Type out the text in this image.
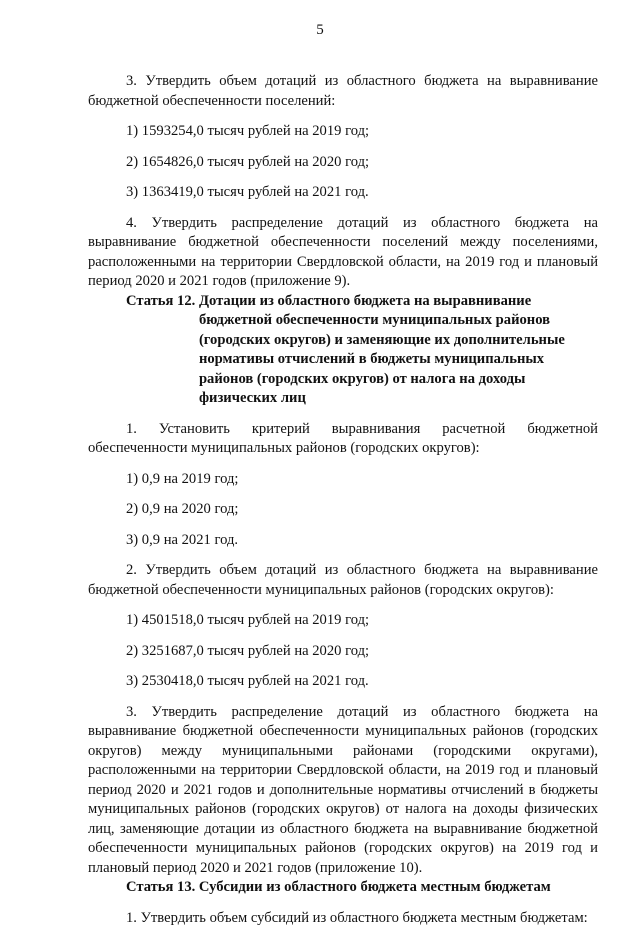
5

3. Утвердить объем дотаций из областного бюджета на выравнивание бюджетной обеспеченности поселений:

1) 1593254,0 тысяч рублей на 2019 год;

2) 1654826,0 тысяч рублей на 2020 год;

3) 1363419,0 тысяч рублей на 2021 год.

4. Утвердить распределение дотаций из областного бюджета на выравнивание бюджетной обеспеченности поселений между поселениями, расположенными на территории Свердловской области, на 2019 год и плановый период 2020 и 2021 годов (приложение 9).

Статья 12. Дотации из областного бюджета на выравнивание бюджетной обеспеченности муниципальных районов (городских округов) и заменяющие их дополнительные нормативы отчислений в бюджеты муниципальных районов (городских округов) от налога на доходы физических лиц

1. Установить критерий выравнивания расчетной бюджетной обеспеченности муниципальных районов (городских округов):

1) 0,9 на 2019 год;

2) 0,9 на 2020 год;

3) 0,9 на 2021 год.

2. Утвердить объем дотаций из областного бюджета на выравнивание бюджетной обеспеченности муниципальных районов (городских округов):

1) 4501518,0 тысяч рублей на 2019 год;

2) 3251687,0 тысяч рублей на 2020 год;

3) 2530418,0 тысяч рублей на 2021 год.

3. Утвердить распределение дотаций из областного бюджета на выравнивание бюджетной обеспеченности муниципальных районов (городских округов) между муниципальными районами (городскими округами), расположенными на территории Свердловской области, на 2019 год и плановый период 2020 и 2021 годов и дополнительные нормативы отчислений в бюджеты муниципальных районов (городских округов) от налога на доходы физических лиц, заменяющие дотации из областного бюджета на выравнивание бюджетной обеспеченности муниципальных районов (городских округов) на 2019 год и плановый период 2020 и 2021 годов (приложение 10).

Статья 13. Субсидии из областного бюджета местным бюджетам

1. Утвердить объем субсидий из областного бюджета местным бюджетам:
